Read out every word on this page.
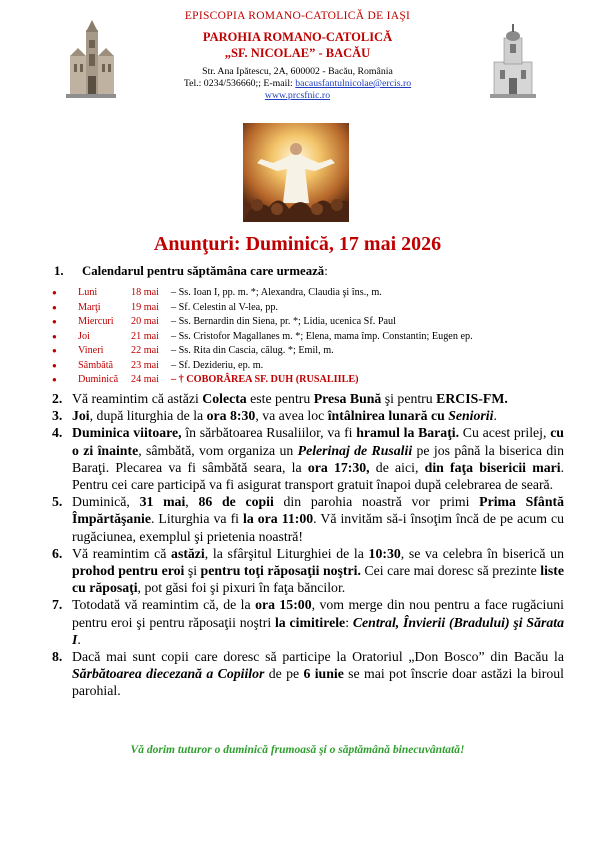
EPISCOPIA ROMANO-CATOLICĂ DE IAŞI
PAROHIA ROMANO-CATOLICĂ
„SF. NICOLAE” - BACĂU
Str. Ana Ipătescu, 2A, 600002 - Bacău, România
Tel.: 0234/536660;; E-mail: bacausfantulnicolae@ercis.ro
www.prcsfnic.ro
Anunţuri: Duminică, 17 mai 2026
1. Calendarul pentru săptămâna care urmează:
●	Luni	18 mai	– Ss. Ioan I, pp. m. *; Alexandra, Claudia şi îns., m.
●	Marţi	19 mai	– Sf. Celestin al V-lea, pp.
●	Miercuri	20 mai	– Ss. Bernardin din Siena, pr. *; Lidia, ucenica Sf. Paul
●	Joi	21 mai	– Ss. Cristofor Magallanes m. *; Elena, mama împ. Constantin; Eugen ep.
●	Vineri	22 mai	– Ss. Rita din Cascia, călug. *; Emil, m.
●	Sâmbătă	23 mai	– Sf. Dezideriu, ep. m.
●	Duminică	24 mai	– † COBORÂREA SF. DUH (RUSALIILE)
2. Vă reamintim că astăzi Colecta este pentru Presa Bună şi pentru ERCIS-FM.
3. Joi, după liturghia de la ora 8:30, va avea loc întâlnirea lunară cu Seniorii.
4. Duminica viitoare, în sărbătoarea Rusaliilor, va fi hramul la Baraţi. Cu acest prilej, cu o zi înainte, sâmbătă, vom organiza un Pelerinaj de Rusalii pe jos până la biserica din Baraţi. Plecarea va fi sâmbătă seara, la ora 17:30, de aici, din faţa bisericii mari. Pentru cei care participă va fi asigurat transport gratuit înapoi după celebrarea de seară.
5. Duminică, 31 mai, 86 de copii din parohia noastră vor primi Prima Sfântă Împărtăşanie. Liturghia va fi la ora 11:00. Vă invităm să-i însoţim încă de pe acum cu rugăciunea, exemplul şi prietenia noastră!
6. Vă reamintim că astăzi, la sfârşitul Liturghiei de la 10:30, se va celebra în biserică un prohod pentru eroi şi pentru toţi răposaţii noştri. Cei care mai doresc să prezinte liste cu răposaţi, pot găsi foi şi pixuri în faţa băncilor.
7. Totodată vă reamintim că, de la ora 15:00, vom merge din nou pentru a face rugăciuni pentru eroi şi pentru răposaţii noştri la cimitirele: Central, Învierii (Bradului) şi Sărata I.
8. Dacă mai sunt copii care doresc să participe la Oratoriul „Don Bosco” din Bacău la Sărbătoarea diecezană a Copiilor de pe 6 iunie se mai pot înscrie doar astăzi la biroul parohial.
Vă dorim tuturor o duminică frumoasă şi o săptămână binecuvântată!
